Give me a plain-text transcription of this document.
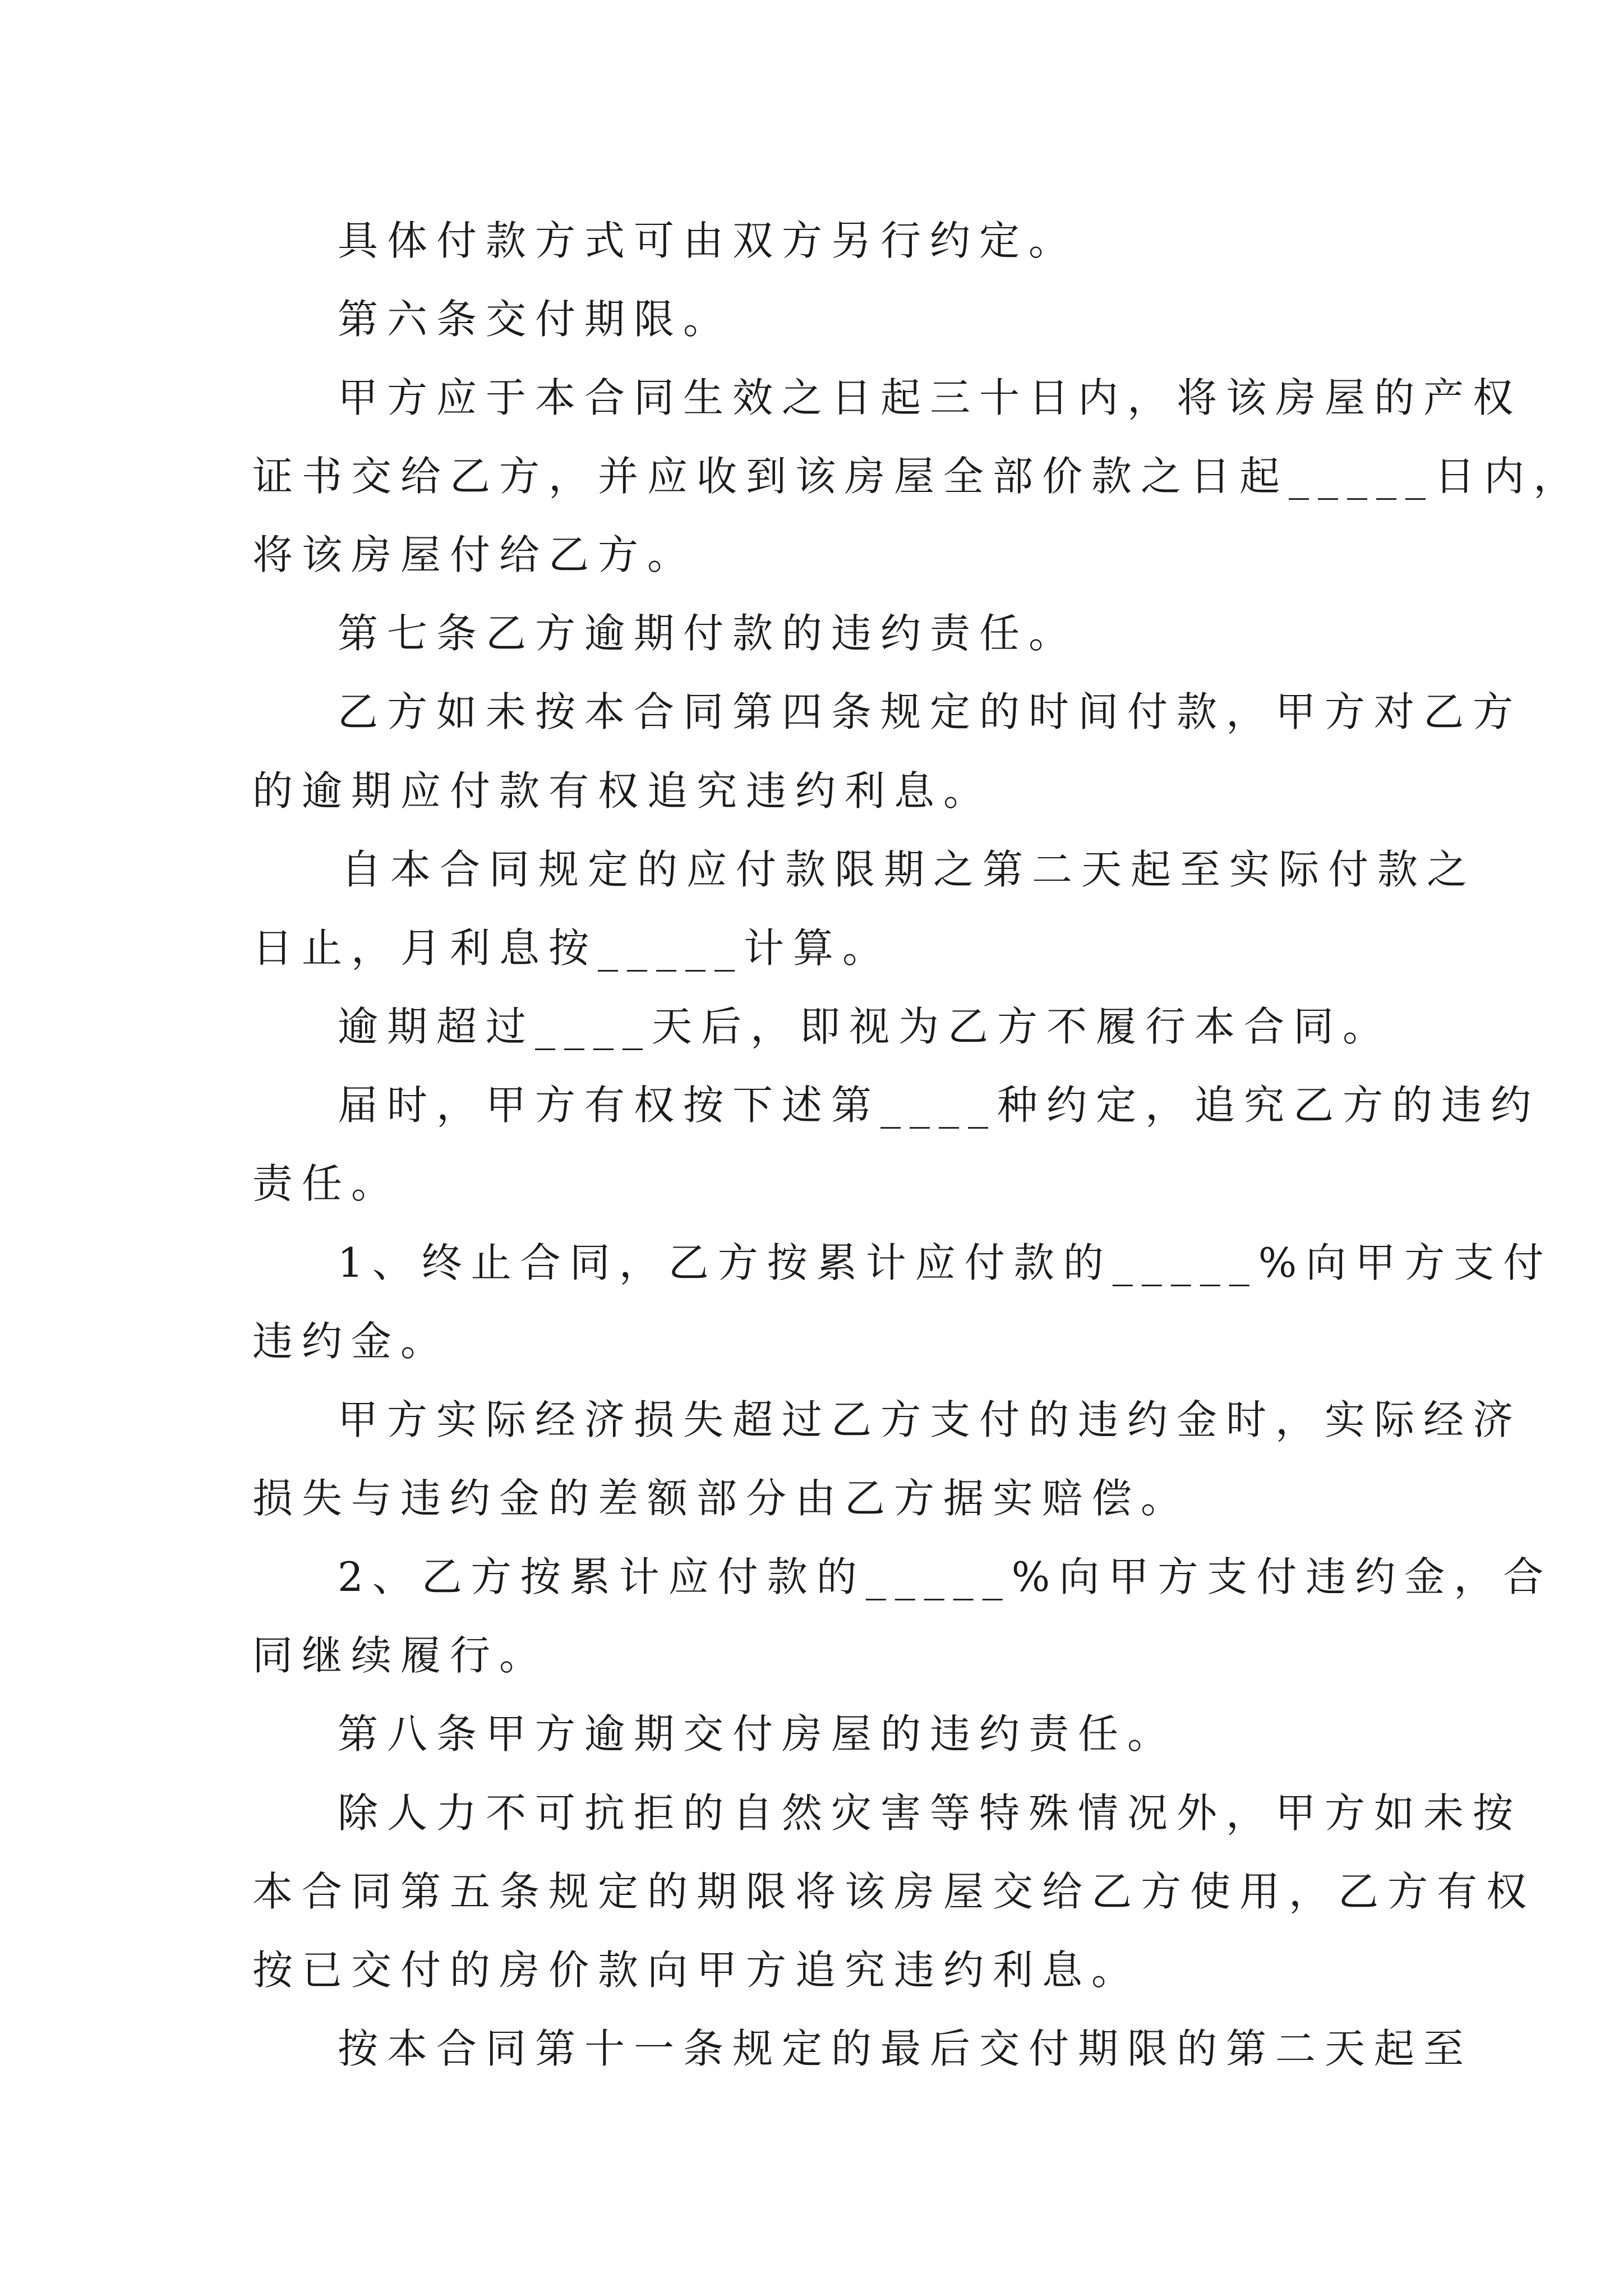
具体付款方式可由双方另行约定。
第六条交付期限。
甲方应于本合同生效之日起三十日内，将该房屋的产权
证书交给乙方，并应收到该房屋全部价款之日起_____日内，
将该房屋付给乙方。
第七条乙方逾期付款的违约责任。
乙方如未按本合同第四条规定的时间付款，甲方对乙方
的逾期应付款有权追究违约利息。
自本合同规定的应付款限期之第二天起至实际付款之
日止，月利息按_____计算。
逾期超过____天后，即视为乙方不履行本合同。
届时，甲方有权按下述第____种约定，追究乙方的违约
责任。
1、终止合同，乙方按累计应付款的_____%向甲方支付
违约金。
甲方实际经济损失超过乙方支付的违约金时，实际经济
损失与违约金的差额部分由乙方据实赔偿。
2、乙方按累计应付款的_____%向甲方支付违约金，合
同继续履行。
第八条甲方逾期交付房屋的违约责任。
除人力不可抗拒的自然灾害等特殊情况外，甲方如未按
本合同第五条规定的期限将该房屋交给乙方使用，乙方有权
按已交付的房价款向甲方追究违约利息。
按本合同第十一条规定的最后交付期限的第二天起至
